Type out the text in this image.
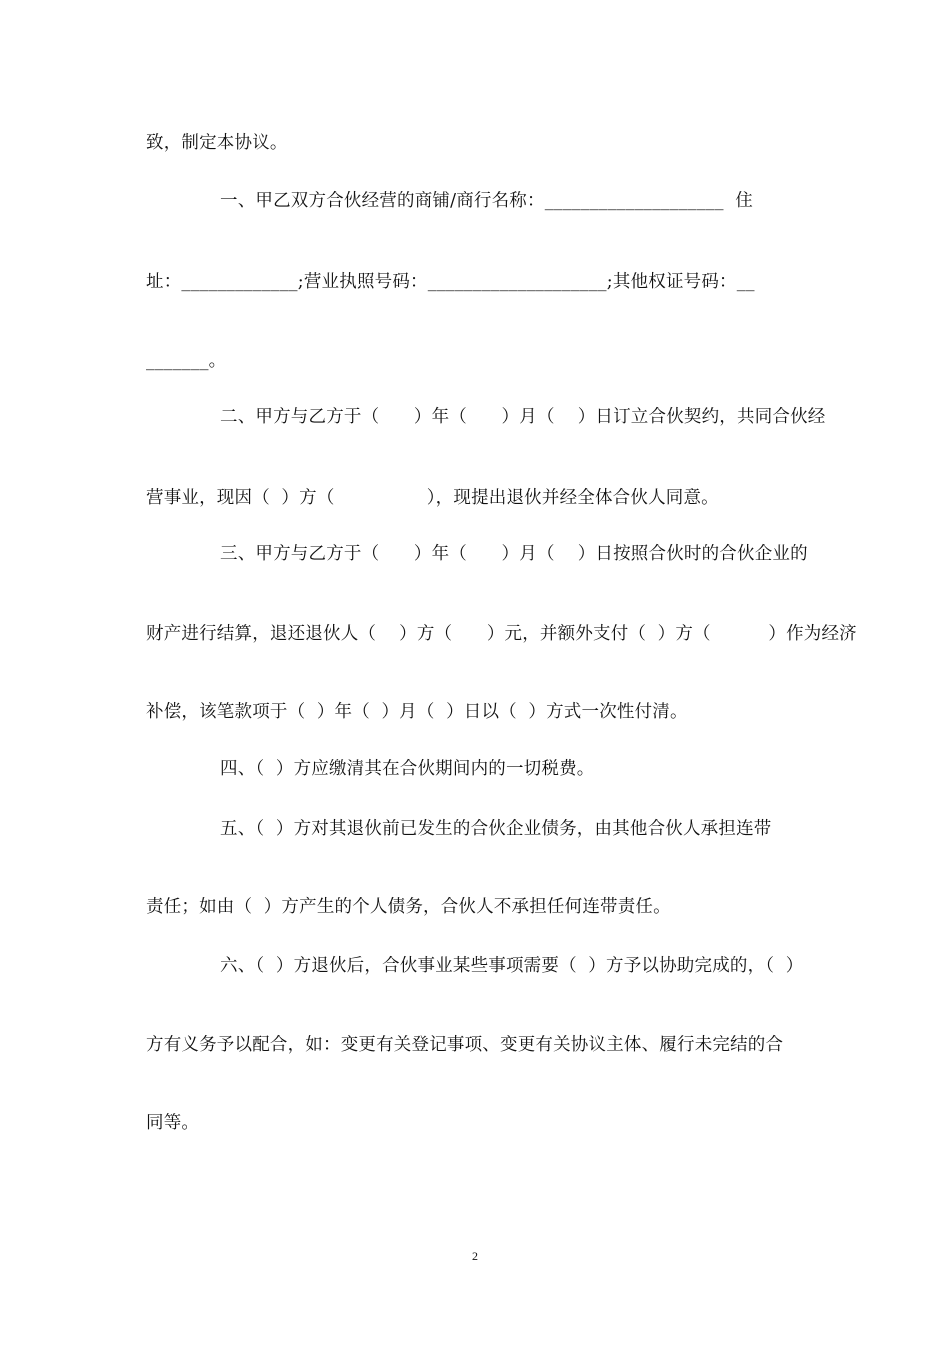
致，制定本协议。
一、甲乙双方合伙经营的商铺/商行名称：____________________  住
址：_____________;营业执照号码：____________________;其他权证号码：__
_______。
二、甲方与乙方于（      ）年（      ）月（    ）日订立合伙契约，共同合伙经
营事业，现因（  ）方（                ），现提出退伙并经全体合伙人同意。
三、甲方与乙方于（      ）年（      ）月（    ）日按照合伙时的合伙企业的
财产进行结算，退还退伙人（    ）方（      ）元，并额外支付（  ）方（          ）作为经济
补偿，该笔款项于（  ）年（  ）月（  ）日以（  ）方式一次性付清。
四、（  ）方应缴清其在合伙期间内的一切税费。
五、（  ）方对其退伙前已发生的合伙企业债务，由其他合伙人承担连带
责任；如由（  ）方产生的个人债务，合伙人不承担任何连带责任。
六、（  ）方退伙后，合伙事业某些事项需要（  ）方予以协助完成的，（  ）
方有义务予以配合，如：变更有关登记事项、变更有关协议主体、履行未完结的合
同等。
2
